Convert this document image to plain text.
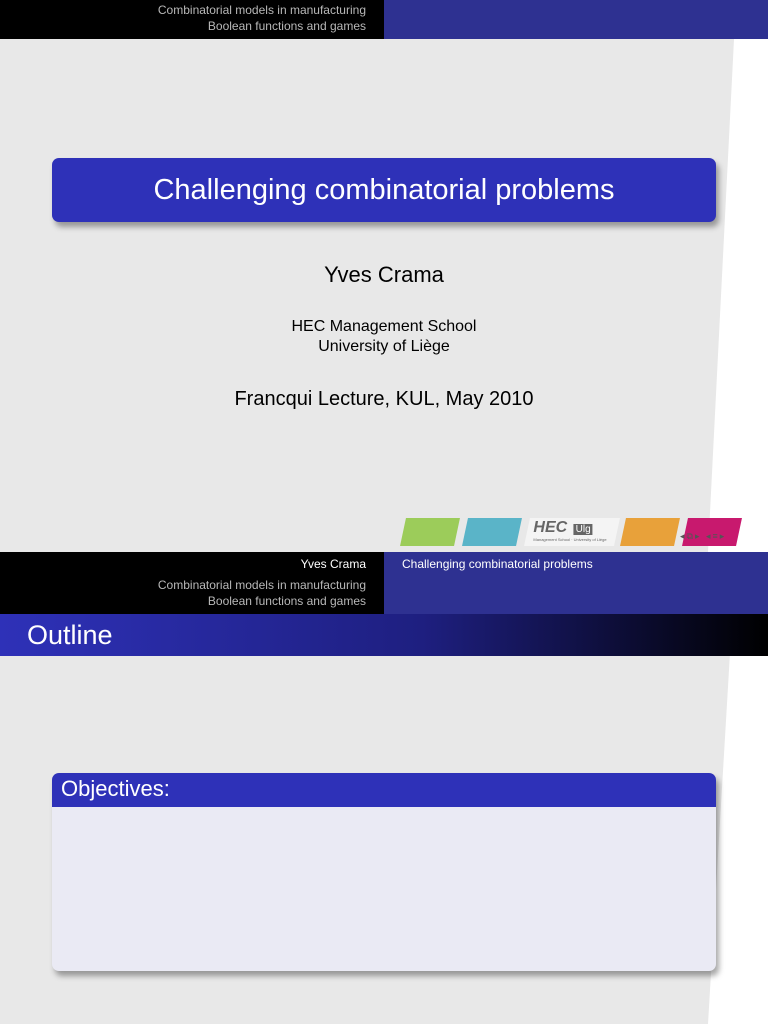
Combinatorial models in manufacturing
Boolean functions and games
Challenging combinatorial problems
Yves Crama
HEC Management School
University of Liège
Francqui Lecture, KUL, May 2010
HEC Ulg
Management School · University of Liège	◂⧉▸ ◂≡▸
Yves Crama
Combinatorial models in manufacturing
Boolean functions and games
Challenging combinatorial problems
Outline
Objectives:
